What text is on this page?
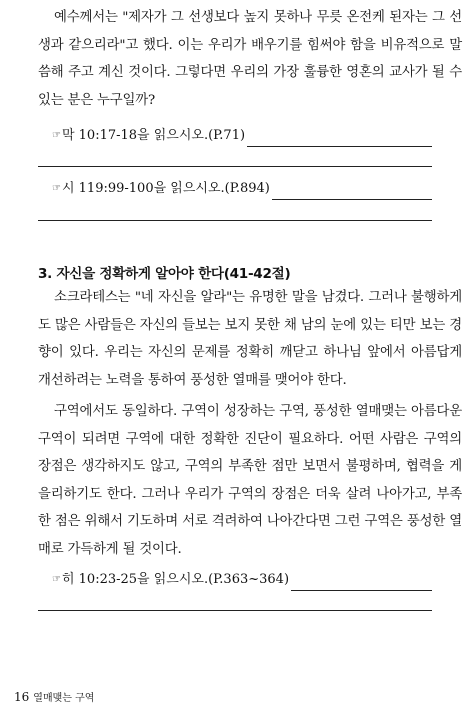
예수께서는 "제자가 그 선생보다 높지 못하나 무릇 온전케 된자는 그 선생과 같으리라"고 했다. 이는 우리가 배우기를 힘써야 함을 비유적으로 말씀해 주고 계신 것이다. 그렇다면 우리의 가장 훌륭한 영혼의 교사가 될 수 있는 분은 누구일까?

☞ 막 10:17-18을 읽으시오.(P.71)
☞ 시 119:99-100을 읽으시오.(P.894)
3. 자신을 정확하게 알아야 한다(41-42절)

소크라테스는 "네 자신을 알라"는 유명한 말을 남겼다. 그러나 불행하게도 많은 사람들은 자신의 들보는 보지 못한 채 남의 눈에 있는 티만 보는 경향이 있다. 우리는 자신의 문제를 정확히 깨닫고 하나님 앞에서 아름답게 개선하려는 노력을 통하여 풍성한 열매를 맺어야 한다.

구역에서도 동일하다. 구역이 성장하는 구역, 풍성한 열매맺는 아름다운 구역이 되려면 구역에 대한 정확한 진단이 필요하다. 어떤 사람은 구역의 장점은 생각하지도 않고, 구역의 부족한 점만 보면서 불평하며, 협력을 게을리하기도 한다. 그러나 우리가 구역의 장점은 더욱 살려 나아가고, 부족한 점은 위해서 기도하며 서로 격려하여 나아간다면 그런 구역은 풍성한 열매로 가득하게 될 것이다.

☞ 히 10:23-25을 읽으시오.(P.363~364)
16 열매맺는 구역
